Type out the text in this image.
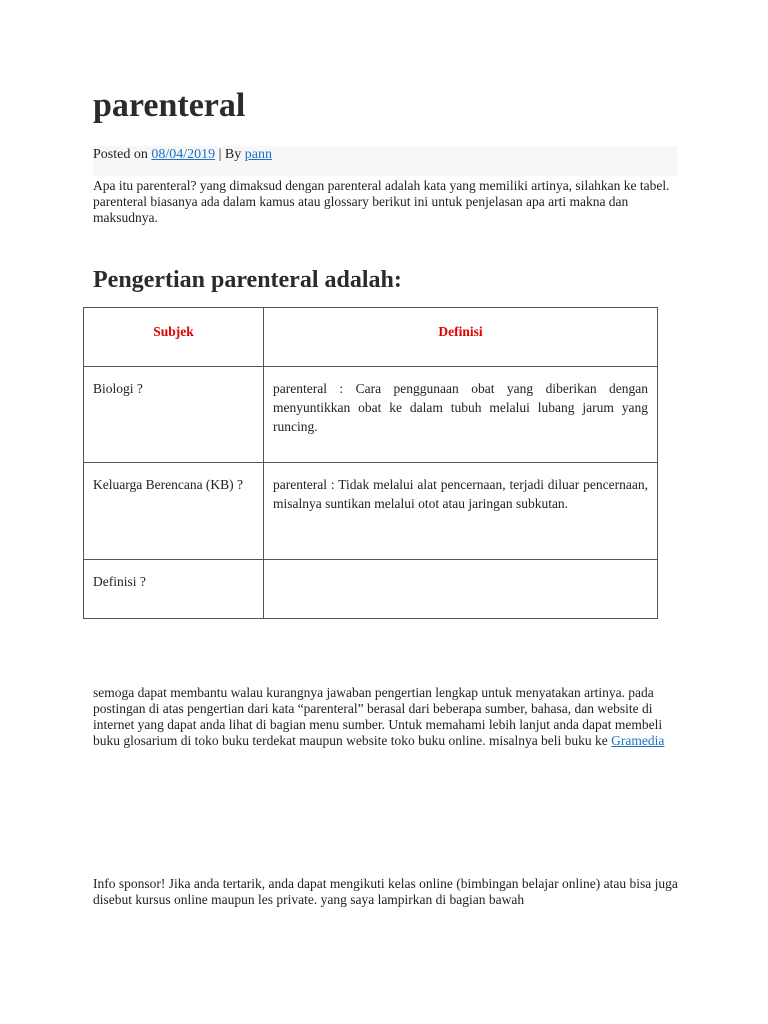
parenteral
Posted on 08/04/2019 | By pann

Apa itu parenteral? yang dimaksud dengan parenteral adalah kata yang memiliki artinya, silahkan ke tabel. parenteral biasanya ada dalam kamus atau glossary berikut ini untuk penjelasan apa arti makna dan maksudnya.

Pengertian parenteral adalah:
Subjek	Definisi

Biologi ?	parenteral : Cara penggunaan obat yang diberikan dengan menyuntikkan obat ke dalam tubuh melalui lubang jarum yang runcing.

Keluarga Berencana (KB) ?	parenteral : Tidak melalui alat pencernaan, terjadi diluar pencernaan, misalnya suntikan melalui otot atau jaringan subkutan.

Definisi ?	

semoga dapat membantu walau kurangnya jawaban pengertian lengkap untuk menyatakan artinya. pada postingan di atas pengertian dari kata “parenteral” berasal dari beberapa sumber, bahasa, dan website di internet yang dapat anda lihat di bagian menu sumber. Untuk memahami lebih lanjut anda dapat membeli buku glosarium di toko buku terdekat maupun website toko buku online. misalnya beli buku ke Gramedia

Info sponsor! Jika anda tertarik, anda dapat mengikuti kelas online (bimbingan belajar online) atau bisa juga disebut kursus online maupun les private. yang saya lampirkan di bagian bawah
